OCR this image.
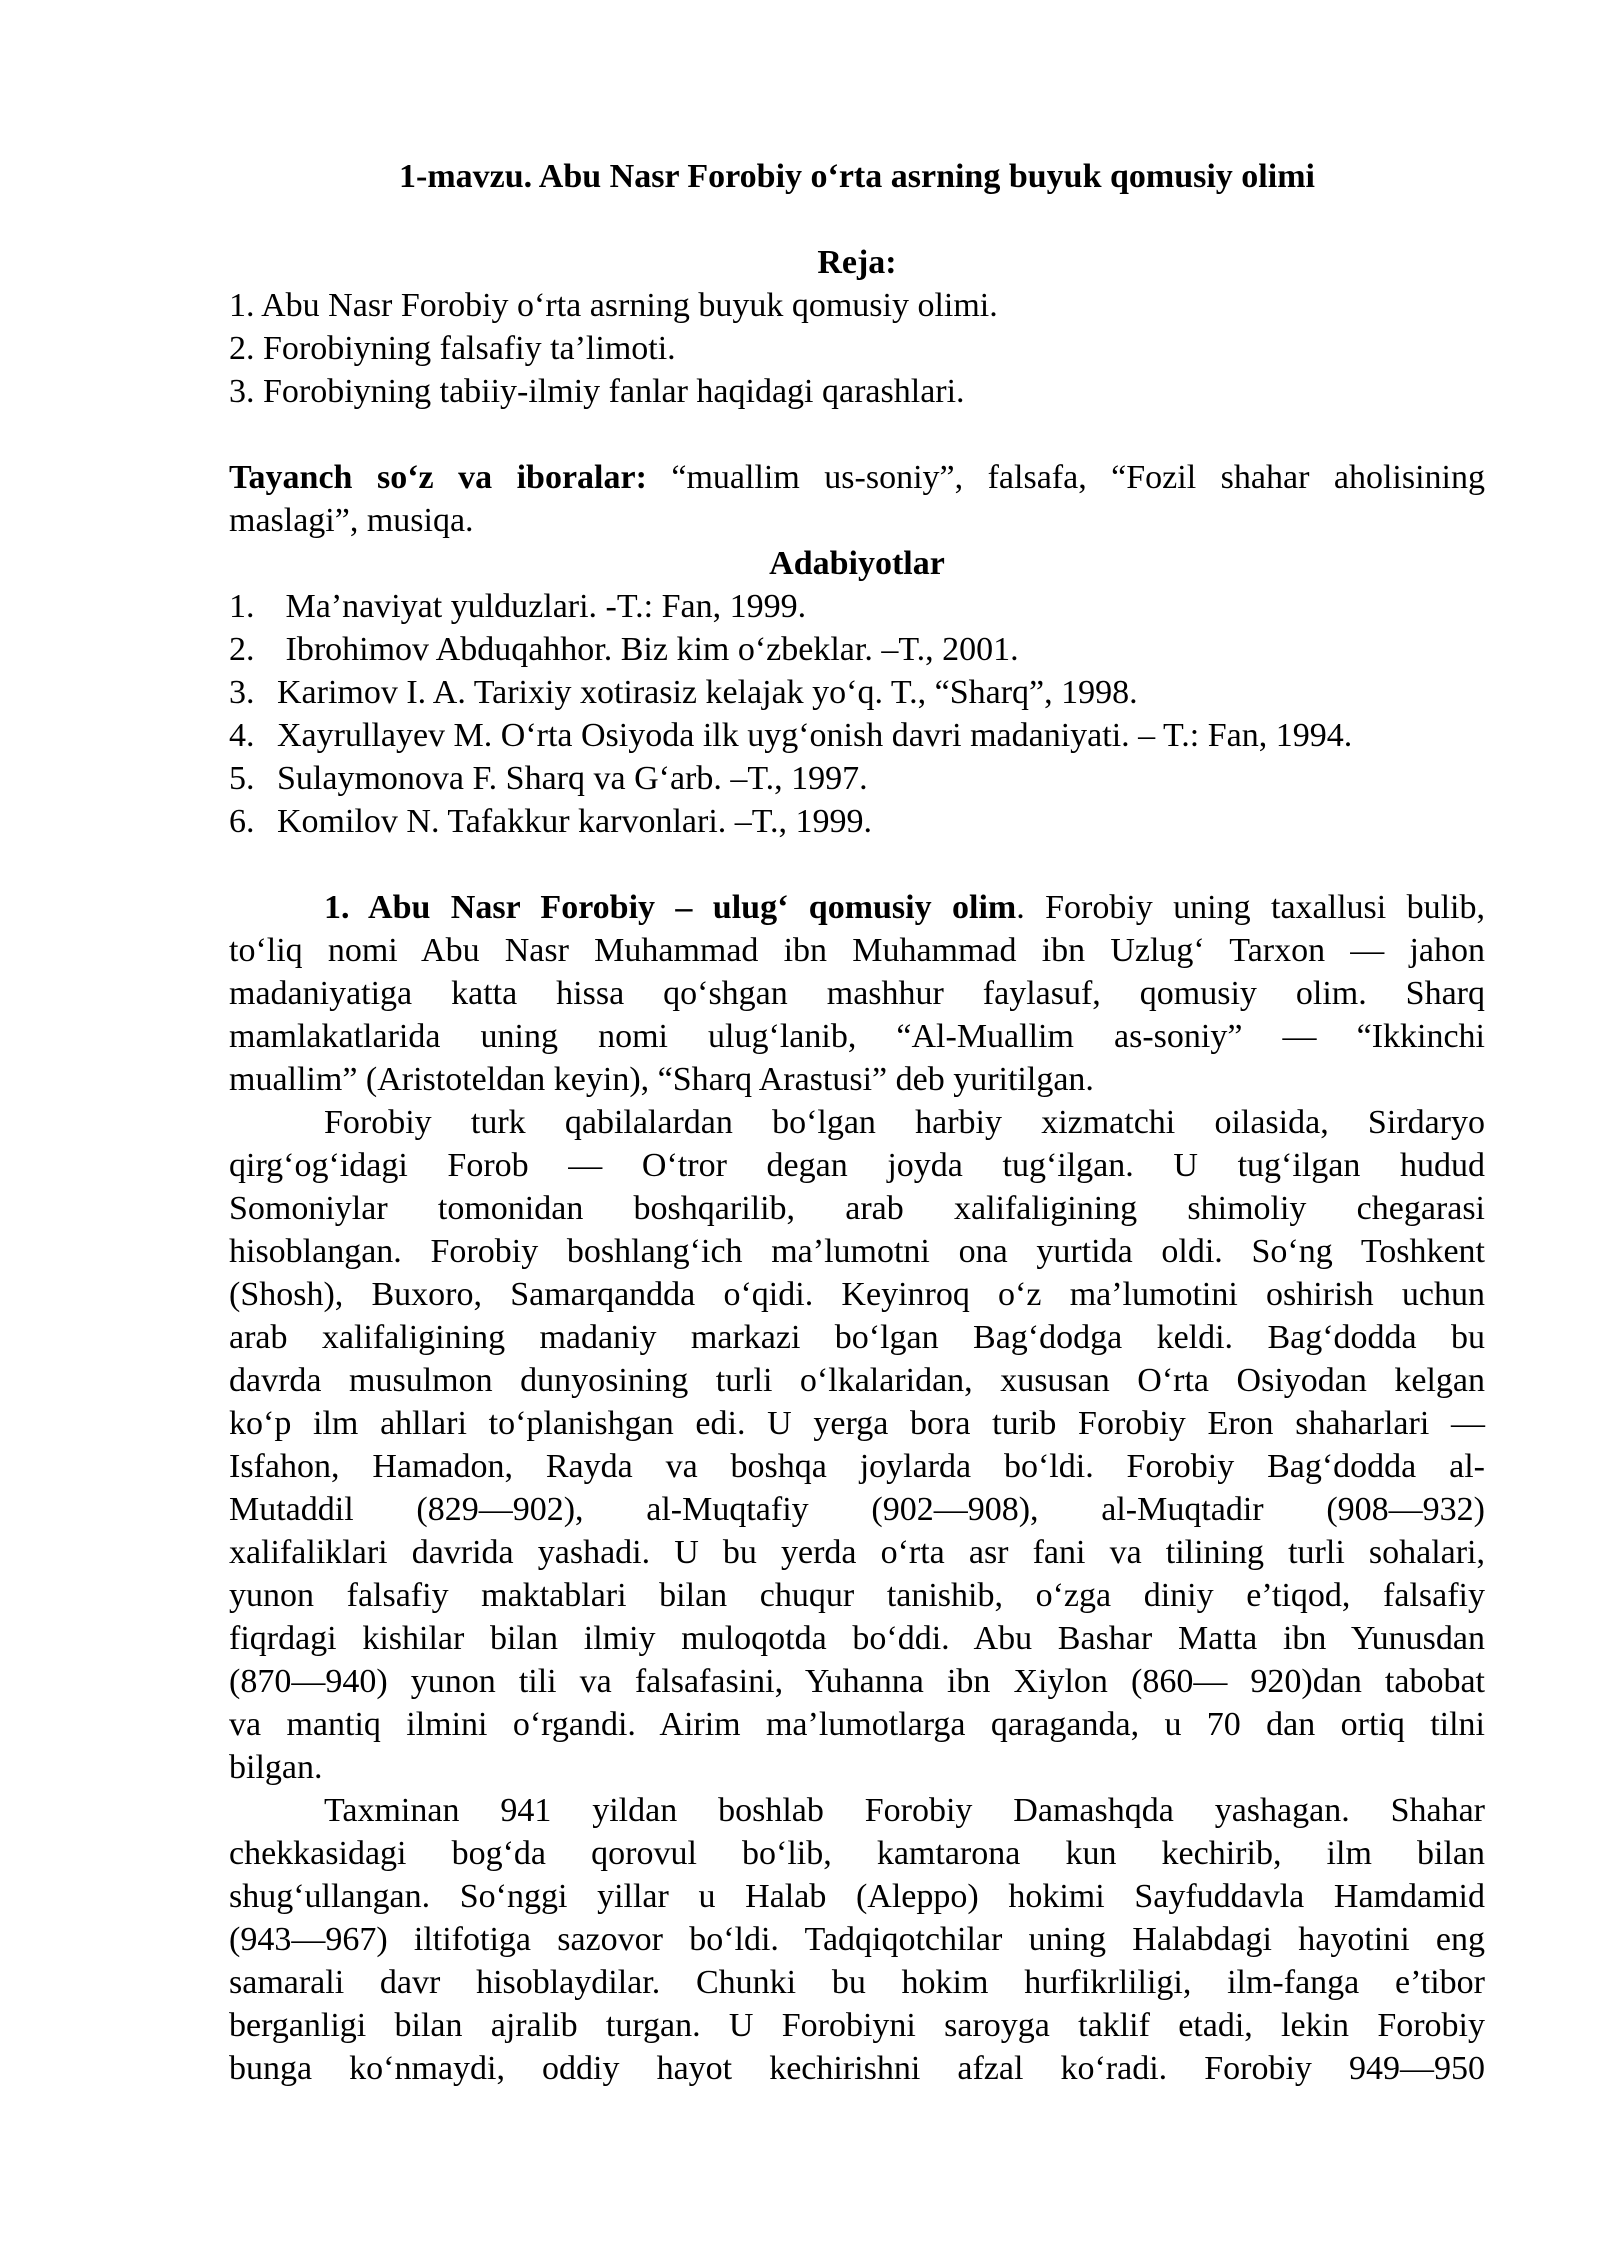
1-mavzu. Abu Nasr Forobiy o‘rta asrning buyuk qomusiy olimi
Reja:
1. Abu Nasr Forobiy o‘rta asrning buyuk qomusiy olimi.
2. Forobiyning falsafiy ta’limoti.
3. Forobiyning tabiiy-ilmiy fanlar haqidagi qarashlari.
Tayanch so‘z va iboralar: “muallim us-soniy”, falsafa, “Fozil shahar aholisining
maslagi”, musiqa.
Adabiyotlar
1. Ma’naviyat yulduzlari. -T.: Fan, 1999.
2. Ibrohimov Abduqahhor. Biz kim o‘zbeklar. –T., 2001.
3. Karimov I. A. Tarixiy xotirasiz kelajak yo‘q. T., “Sharq”, 1998.
4. Xayrullayev M. O‘rta Osiyoda ilk uyg‘onish davri madaniyati. – T.: Fan, 1994.
5. Sulaymonova F. Sharq va G‘arb. –T., 1997.
6. Komilov N. Tafakkur karvonlari. –T., 1999.
1. Abu Nasr Forobiy – ulug‘ qomusiy olim. Forobiy uning taxallusi bulib,
to‘liq nomi Abu Nasr Muhammad ibn Muhammad ibn Uzlug‘ Tarxon — jahon
madaniyatiga katta hissa qo‘shgan mashhur faylasuf, qomusiy olim. Sharq
mamlakatlarida uning nomi ulug‘lanib, “Al-Muallim as-soniy” — “Ikkinchi
muallim” (Aristoteldan keyin), “Sharq Arastusi” deb yuritilgan.
Forobiy turk qabilalardan bo‘lgan harbiy xizmatchi oilasida, Sirdaryo
qirg‘og‘idagi Forob — O‘tror degan joyda tug‘ilgan. U tug‘ilgan hudud
Somoniylar tomonidan boshqarilib, arab xalifaligining shimoliy chegarasi
hisoblangan. Forobiy boshlang‘ich ma’lumotni ona yurtida oldi. So‘ng Toshkent
(Shosh), Buxoro, Samarqandda o‘qidi. Keyinroq o‘z ma’lumotini oshirish uchun
arab xalifaligining madaniy markazi bo‘lgan Bag‘dodga keldi. Bag‘dodda bu
davrda musulmon dunyosining turli o‘lkalaridan, xususan O‘rta Osiyodan kelgan
ko‘p ilm ahllari to‘planishgan edi. U yerga bora turib Forobiy Eron shaharlari —
Isfahon, Hamadon, Rayda va boshqa joylarda bo‘ldi. Forobiy Bag‘dodda al-
Mutaddil (829—902), al-Muqtafiy (902—908), al-Muqtadir (908—932)
xalifaliklari davrida yashadi. U bu yerda o‘rta asr fani va tilining turli sohalari,
yunon falsafiy maktablari bilan chuqur tanishib, o‘zga diniy e’tiqod, falsafiy
fiqrdagi kishilar bilan ilmiy muloqotda bo‘ddi. Abu Bashar Matta ibn Yunusdan
(870—940) yunon tili va falsafasini, Yuhanna ibn Xiylon (860— 920)dan tabobat
va mantiq ilmini o‘rgandi. Airim ma’lumotlarga qaraganda, u 70 dan ortiq tilni
bilgan.
Taxminan 941 yildan boshlab Forobiy Damashqda yashagan. Shahar
chekkasidagi bog‘da qorovul bo‘lib, kamtarona kun kechirib, ilm bilan
shug‘ullangan. So‘nggi yillar u Halab (Aleppo) hokimi Sayfuddavla Hamdamid
(943—967) iltifotiga sazovor bo‘ldi. Tadqiqotchilar uning Halabdagi hayotini eng
samarali davr hisoblaydilar. Chunki bu hokim hurfikrliligi, ilm-fanga e’tibor
berganligi bilan ajralib turgan. U Forobiyni saroyga taklif etadi, lekin Forobiy
bunga ko‘nmaydi, oddiy hayot kechirishni afzal ko‘radi. Forobiy 949—950
